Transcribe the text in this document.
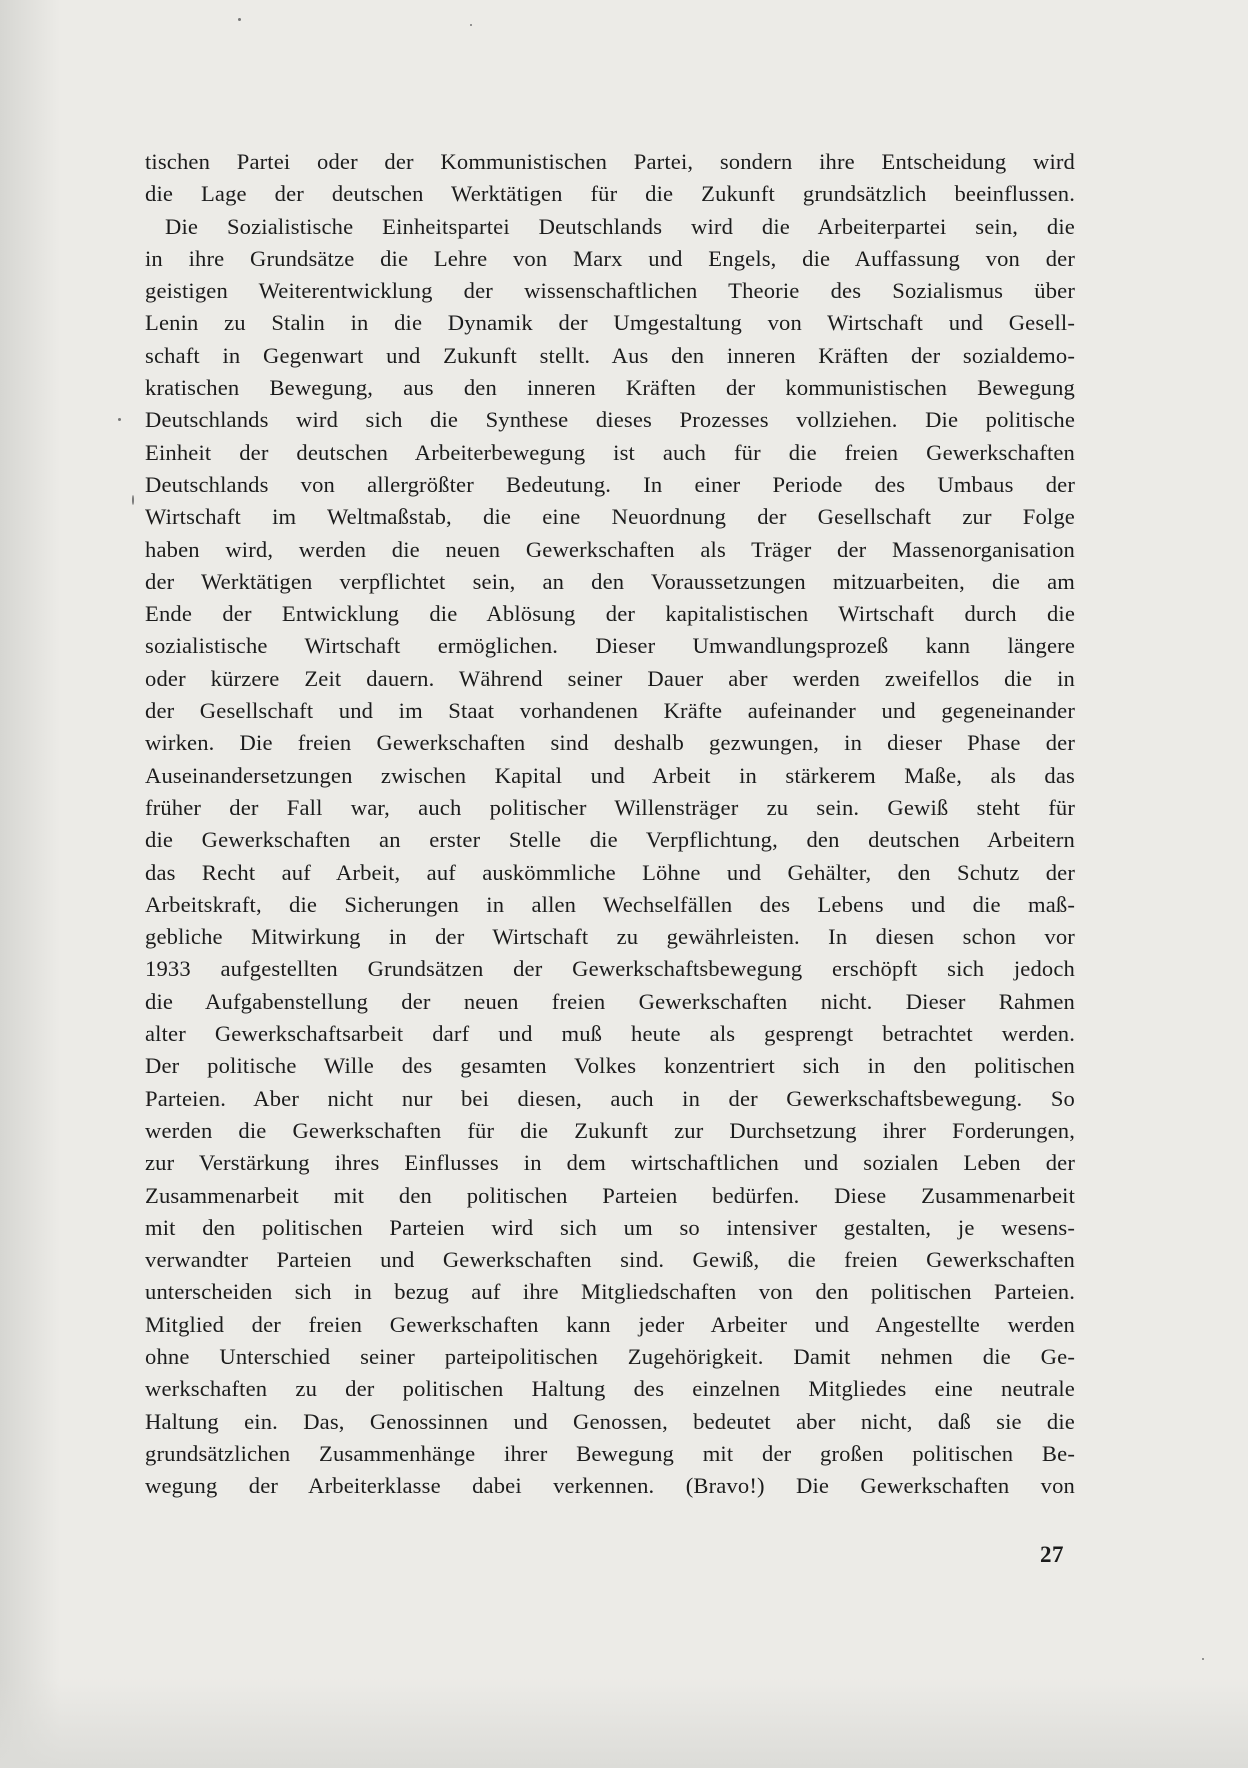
tischen Partei oder der Kommunistischen Partei, sondern ihre Entscheidung wird
die Lage der deutschen Werktätigen für die Zukunft grundsätzlich beeinflussen.
Die Sozialistische Einheitspartei Deutschlands wird die Arbeiterpartei sein, die
in ihre Grundsätze die Lehre von Marx und Engels, die Auffassung von der
geistigen Weiterentwicklung der wissenschaftlichen Theorie des Sozialismus über
Lenin zu Stalin in die Dynamik der Umgestaltung von Wirtschaft und Gesell-
schaft in Gegenwart und Zukunft stellt. Aus den inneren Kräften der sozialdemo-
kratischen Bewegung, aus den inneren Kräften der kommunistischen Bewegung
Deutschlands wird sich die Synthese dieses Prozesses vollziehen. Die politische
Einheit der deutschen Arbeiterbewegung ist auch für die freien Gewerkschaften
Deutschlands von allergrößter Bedeutung. In einer Periode des Umbaus der
Wirtschaft im Weltmaßstab, die eine Neuordnung der Gesellschaft zur Folge
haben wird, werden die neuen Gewerkschaften als Träger der Massenorganisation
der Werktätigen verpflichtet sein, an den Voraussetzungen mitzuarbeiten, die am
Ende der Entwicklung die Ablösung der kapitalistischen Wirtschaft durch die
sozialistische Wirtschaft ermöglichen. Dieser Umwandlungsprozeß kann längere
oder kürzere Zeit dauern. Während seiner Dauer aber werden zweifellos die in
der Gesellschaft und im Staat vorhandenen Kräfte aufeinander und gegeneinander
wirken. Die freien Gewerkschaften sind deshalb gezwungen, in dieser Phase der
Auseinandersetzungen zwischen Kapital und Arbeit in stärkerem Maße, als das
früher der Fall war, auch politischer Willensträger zu sein. Gewiß steht für
die Gewerkschaften an erster Stelle die Verpflichtung, den deutschen Arbeitern
das Recht auf Arbeit, auf auskömmliche Löhne und Gehälter, den Schutz der
Arbeitskraft, die Sicherungen in allen Wechselfällen des Lebens und die maß-
gebliche Mitwirkung in der Wirtschaft zu gewährleisten. In diesen schon vor
1933 aufgestellten Grundsätzen der Gewerkschaftsbewegung erschöpft sich jedoch
die Aufgabenstellung der neuen freien Gewerkschaften nicht. Dieser Rahmen
alter Gewerkschaftsarbeit darf und muß heute als gesprengt betrachtet werden.
Der politische Wille des gesamten Volkes konzentriert sich in den politischen
Parteien. Aber nicht nur bei diesen, auch in der Gewerkschaftsbewegung. So
werden die Gewerkschaften für die Zukunft zur Durchsetzung ihrer Forderungen,
zur Verstärkung ihres Einflusses in dem wirtschaftlichen und sozialen Leben der
Zusammenarbeit mit den politischen Parteien bedürfen. Diese Zusammenarbeit
mit den politischen Parteien wird sich um so intensiver gestalten, je wesens-
verwandter Parteien und Gewerkschaften sind. Gewiß, die freien Gewerkschaften
unterscheiden sich in bezug auf ihre Mitgliedschaften von den politischen Parteien.
Mitglied der freien Gewerkschaften kann jeder Arbeiter und Angestellte werden
ohne Unterschied seiner parteipolitischen Zugehörigkeit. Damit nehmen die Ge-
werkschaften zu der politischen Haltung des einzelnen Mitgliedes eine neutrale
Haltung ein. Das, Genossinnen und Genossen, bedeutet aber nicht, daß sie die
grundsätzlichen Zusammenhänge ihrer Bewegung mit der großen politischen Be-
wegung der Arbeiterklasse dabei verkennen. (Bravo!) Die Gewerkschaften von
27
